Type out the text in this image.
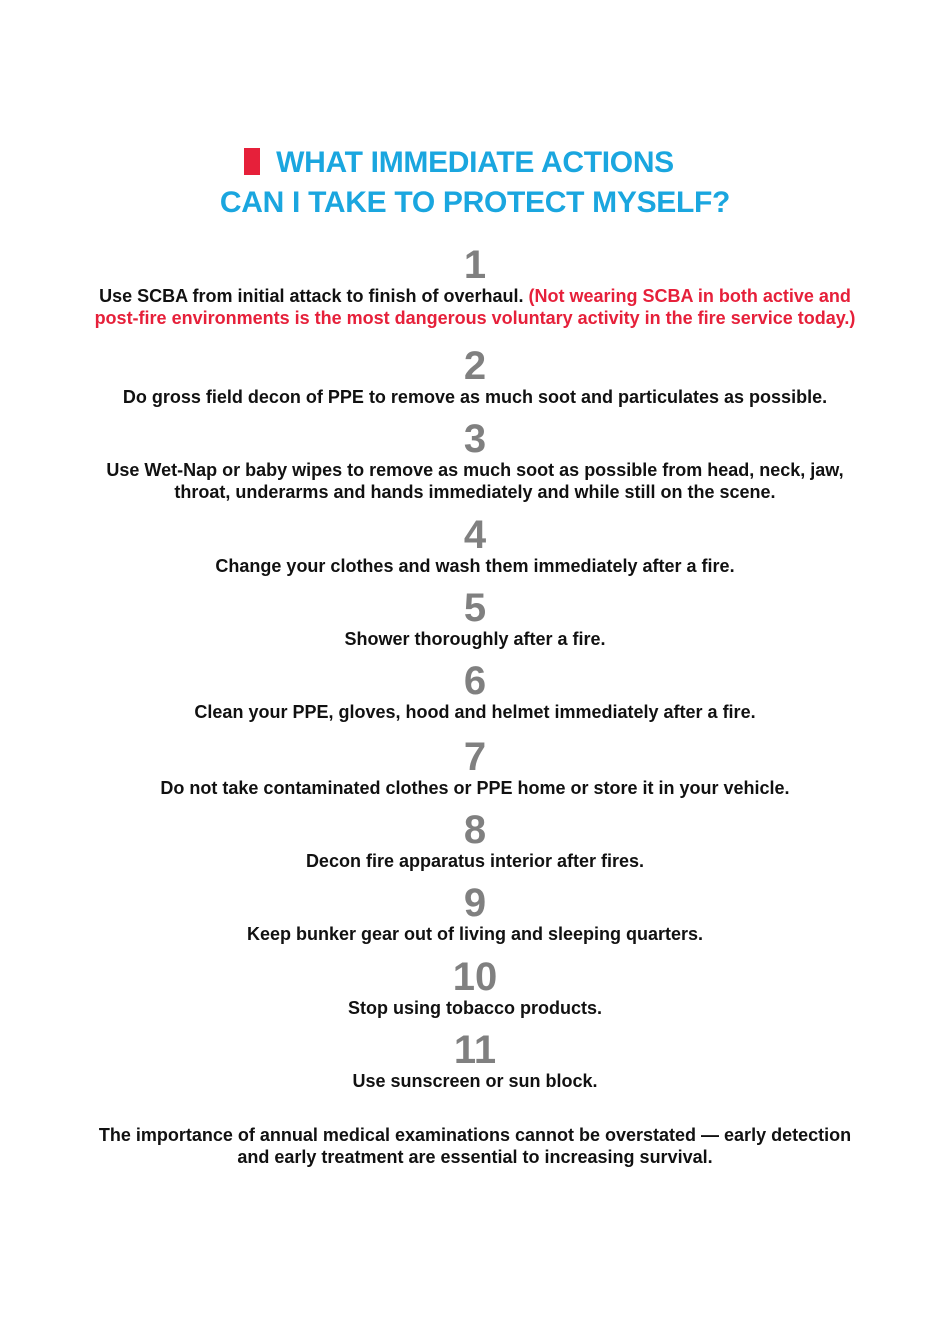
WHAT IMMEDIATE ACTIONS
CAN I TAKE TO PROTECT MYSELF?
1
Use SCBA from initial attack to finish of overhaul. (Not wearing SCBA in both active and
post-fire environments is the most dangerous voluntary activity in the fire service today.)
2
Do gross field decon of PPE to remove as much soot and particulates as possible.
3
Use Wet-Nap or baby wipes to remove as much soot as possible from head, neck, jaw,
throat, underarms and hands immediately and while still on the scene.
4
Change your clothes and wash them immediately after a fire.
5
Shower thoroughly after a fire.
6
Clean your PPE, gloves, hood and helmet immediately after a fire.
7
Do not take contaminated clothes or PPE home or store it in your vehicle.
8
Decon fire apparatus interior after fires.
9
Keep bunker gear out of living and sleeping quarters.
10
Stop using tobacco products.
11
Use sunscreen or sun block.
The importance of annual medical examinations cannot be overstated — early detection
and early treatment are essential to increasing survival.
